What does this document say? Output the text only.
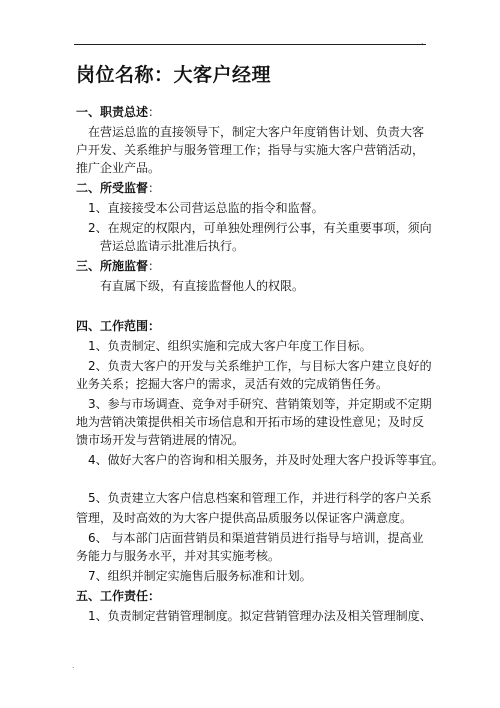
.
岗位名称：大客户经理
一、职责总述：
在营运总监的直接领导下，制定大客户年度销售计划、负责大客
户开发、关系维护与服务管理工作；指导与实施大客户营销活动，
推广企业产品。
二、所受监督：
1、直接接受本公司营运总监的指令和监督。
2、在规定的权限内，可单独处理例行公事，有关重要事项，须向
营运总监请示批准后执行。
三、所施监督：
有直属下级，有直接监督他人的权限。
四、工作范围：
1、负责制定、组织实施和完成大客户年度工作目标。
2、负责大客户的开发与关系维护工作，与目标大客户建立良好的
业务关系；挖掘大客户的需求，灵活有效的完成销售任务。
3、参与市场调查、竞争对手研究、营销策划等，并定期或不定期
地为营销决策提供相关市场信息和开拓市场的建设性意见；及时反
馈市场开发与营销进展的情况。
4、做好大客户的咨询和相关服务，并及时处理大客户投诉等事宜。
5、负责建立大客户信息档案和管理工作，并进行科学的客户关系
管理，及时高效的为大客户提供高品质服务以保证客户满意度。
6、 与本部门店面营销员和渠道营销员进行指导与培训，提高业
务能力与服务水平，并对其实施考核。
7、组织并制定实施售后服务标准和计划。
五、工作责任：
1、负责制定营销管理制度。拟定营销管理办法及相关管理制度、
.
